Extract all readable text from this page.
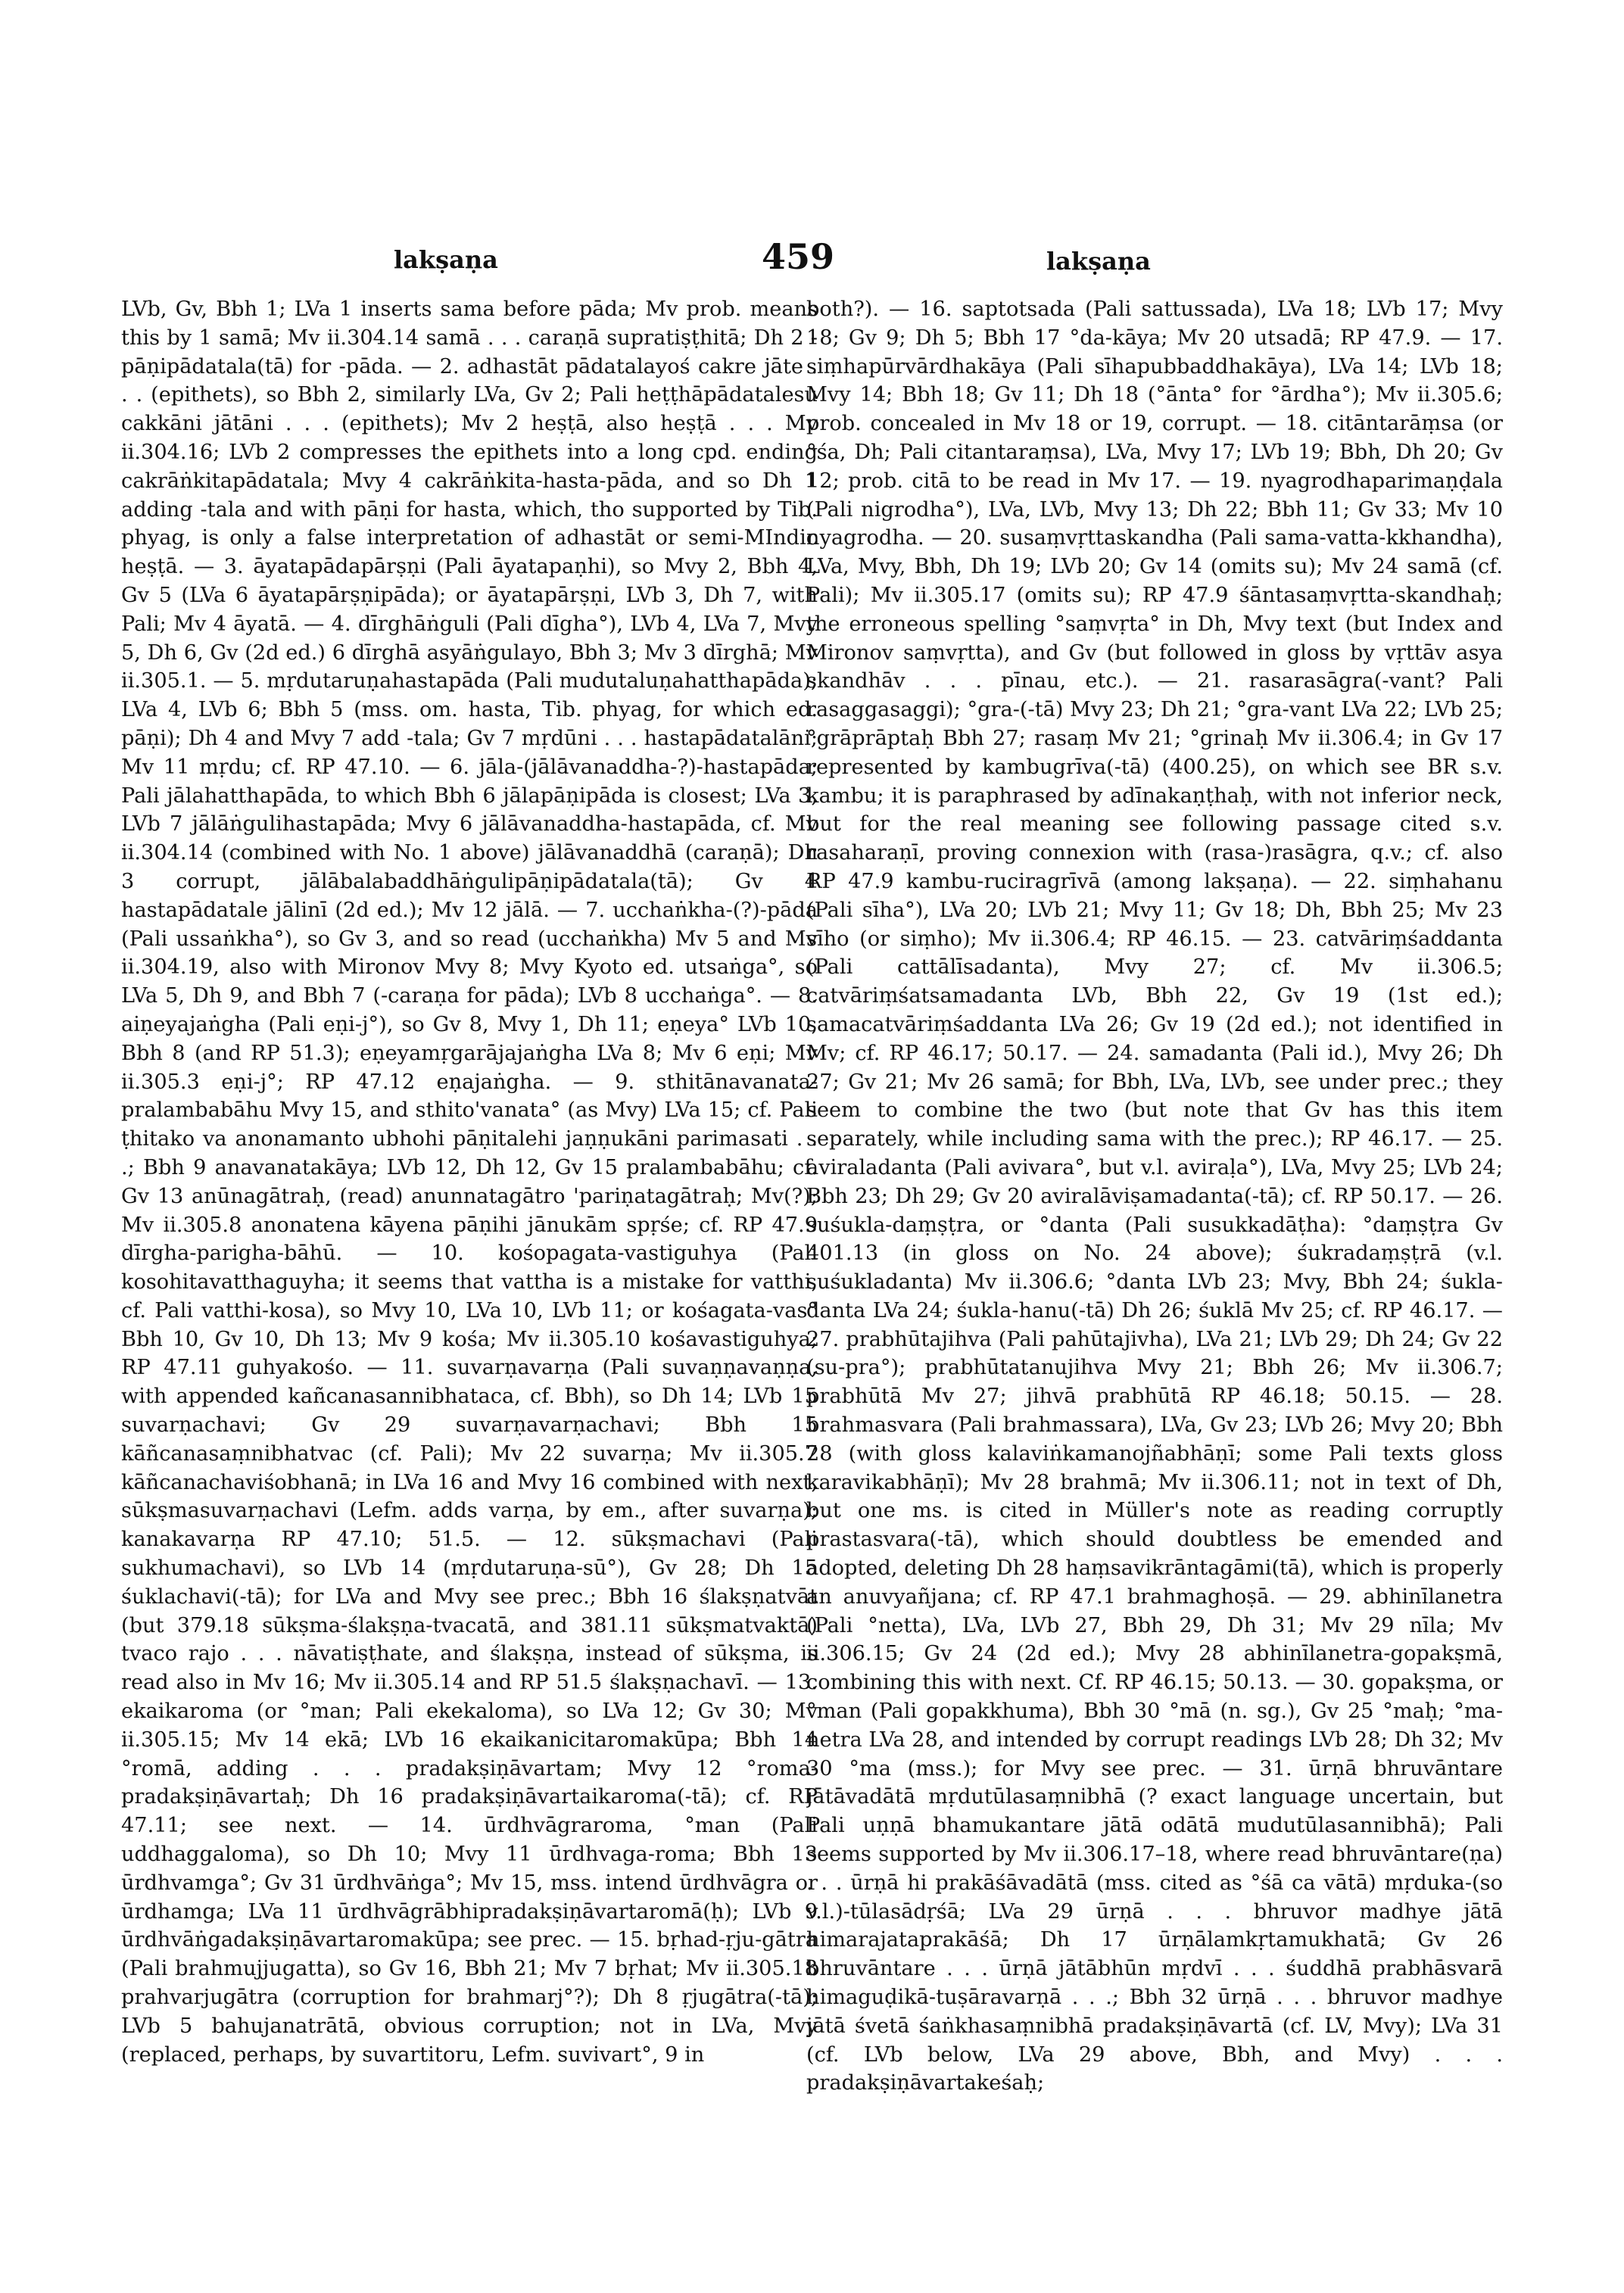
lakṣaṇa	459	lakṣaṇa

LVb, Gv, Bbh 1; LVa 1 inserts sama before pāda; Mv prob. means this by 1 samā; Mv ii.304.14 samā . . . caraṇā supratiṣṭhitā; Dh 2 -pāṇipādatala(tā) for -pāda. — 2. adhastāt pādatalayoś cakre jāte . . . (epithets), so Bbh 2, similarly LVa, Gv 2; Pali heṭṭhāpādatalesu cakkāni jātāni . . . (epithets); Mv 2 heṣṭā, also heṣṭā . . . Mv ii.304.16; LVb 2 compresses the epithets into a long cpd. ending cakrāṅkitapādatala; Mvy 4 cakrāṅkita-hasta-pāda, and so Dh 1 adding -tala and with pāṇi for hasta, which, tho supported by Tib. phyag, is only a false interpretation of adhastāt or semi-MIndic heṣṭā. — 3. āyatapādapārṣṇi (Pali āyatapaṇhi), so Mvy 2, Bbh 4, Gv 5 (LVa 6 āyatapārṣṇipāda); or āyatapārṣṇi, LVb 3, Dh 7, with Pali; Mv 4 āyatā. — 4. dīrghāṅguli (Pali dīgha°), LVb 4, LVa 7, Mvy 5, Dh 6, Gv (2d ed.) 6 dīrghā asyāṅgulayo, Bbh 3; Mv 3 dīrghā; Mv ii.305.1. — 5. mṛdutaruṇahastapāda (Pali mudutaluṇahatthapāda); LVa 4, LVb 6; Bbh 5 (mss. om. hasta, Tib. phyag, for which ed. pāṇi); Dh 4 and Mvy 7 add -tala; Gv 7 mṛdūni . . . hastapādatalāni; Mv 11 mṛdu; cf. RP 47.10. — 6. jāla-(jālāvanaddha-?)-hastapāda; Pali jālahatthapāda, to which Bbh 6 jālapāṇipāda is closest; LVa 3, LVb 7 jālāṅgulihastapāda; Mvy 6 jālāvanaddha-hastapāda, cf. Mv ii.304.14 (combined with No. 1 above) jālāvanaddhā (caraṇā); Dh 3 corrupt, jālābalabaddhāṅgulipāṇipādatala(tā); Gv 4 hastapādatale jālinī (2d ed.); Mv 12 jālā. — 7. ucchaṅkha-(?)-pāda (Pali ussaṅkha°), so Gv 3, and so read (ucchaṅkha) Mv 5 and Mv ii.304.19, also with Mironov Mvy 8; Mvy Kyoto ed. utsaṅga°, so LVa 5, Dh 9, and Bbh 7 (-caraṇa for pāda); LVb 8 ucchaṅga°. — 8. aiṇeyajaṅgha (Pali eṇi-j°), so Gv 8, Mvy 1, Dh 11; eṇeya° LVb 10, Bbh 8 (and RP 51.3); eṇeyamṛgarājajaṅgha LVa 8; Mv 6 eṇi; Mv ii.305.3 eṇi-j°; RP 47.12 eṇajaṅgha. — 9. sthitānavanata-pralambabāhu Mvy 15, and sthito'vanata° (as Mvy) LVa 15; cf. Pali ṭhitako va anonamanto ubhohi pāṇitalehi jaṇṇukāni parimasati . . .; Bbh 9 anavanatakāya; LVb 12, Dh 12, Gv 15 pralambabāhu; cf. Gv 13 anūnagātraḥ, (read) anunnatagātro 'pariṇatagātraḥ; Mv(?); Mv ii.305.8 anonatena kāyena pāṇihi jānukām spṛśe; cf. RP 47.9 dīrgha-parigha-bāhū. — 10. kośopagata-vastiguhya (Pali kosohitavatthaguyha; it seems that vattha is a mistake for vatthi, cf. Pali vatthi-kosa), so Mvy 10, LVa 10, LVb 11; or kośagata-vas° Bbh 10, Gv 10, Dh 13; Mv 9 kośa; Mv ii.305.10 kośavastiguhya; RP 47.11 guhyakośo. — 11. suvarṇavarṇa (Pali suvaṇṇavaṇṇa, with appended kañcanasannibhataca, cf. Bbh), so Dh 14; LVb 15 suvarṇachavi; Gv 29 suvarṇavarṇachavi; Bbh 15 kāñcanasaṃnibhatvac (cf. Pali); Mv 22 suvarṇa; Mv ii.305.7 kāñcanachaviśobhanā; in LVa 16 and Mvy 16 combined with next, sūkṣmasuvarṇachavi (Lefm. adds varṇa, by em., after suvarṇa); kanakavarṇa RP 47.10; 51.5. — 12. sūkṣmachavi (Pali sukhumachavi), so LVb 14 (mṛdutaruṇa-sū°), Gv 28; Dh 15 śuklachavi(-tā); for LVa and Mvy see prec.; Bbh 16 ślakṣṇatvāt (but 379.18 sūkṣma-ślakṣṇa-tvacatā, and 381.11 sūkṣmatvaktā) tvaco rajo . . . nāvatiṣṭhate, and ślakṣṇa, instead of sūkṣma, is read also in Mv 16; Mv ii.305.14 and RP 51.5 ślakṣṇachavī. — 13. ekaikaroma (or °man; Pali ekekaloma), so LVa 12; Gv 30; Mv ii.305.15; Mv 14 ekā; LVb 16 ekaikanicitaromakūpa; Bbh 14 °romā, adding . . . pradakṣiṇāvartam; Mvy 12 °roma-pradakṣiṇāvartaḥ; Dh 16 pradakṣiṇāvartaikaroma(-tā); cf. RP 47.11; see next. — 14. ūrdhvāgraroma, °man (Pali uddhaggaloma), so Dh 10; Mvy 11 ūrdhvaga-roma; Bbh 13 ūrdhvamga°; Gv 31 ūrdhvāṅga°; Mv 15, mss. intend ūrdhvāgra or ūrdhamga; LVa 11 ūrdhvāgrābhipradakṣiṇāvartaromā(ḥ); LVb 9 ūrdhvāṅgadakṣiṇāvartaromakūpa; see prec. — 15. bṛhad-ṛju-gātra (Pali brahmujjugatta), so Gv 16, Bbh 21; Mv 7 bṛhat; Mv ii.305.18 prahvarjugātra (corruption for brahmarj°?); Dh 8 ṛjugātra(-tā); LVb 5 bahujanatrātā, obvious corruption; not in LVa, Mvy (replaced, perhaps, by suvartitoru, Lefm. suvivart°, 9 in

both?). — 16. saptotsada (Pali sattussada), LVa 18; LVb 17; Mvy 18; Gv 9; Dh 5; Bbh 17 °da-kāya; Mv 20 utsadā; RP 47.9. — 17. siṃhapūrvārdhakāya (Pali sīhapubbaddhakāya), LVa 14; LVb 18; Mvy 14; Bbh 18; Gv 11; Dh 18 (°ānta° for °ārdha°); Mv ii.305.6; prob. concealed in Mv 18 or 19, corrupt. — 18. citāntarāṃsa (or °śa, Dh; Pali citantaraṃsa), LVa, Mvy 17; LVb 19; Bbh, Dh 20; Gv 12; prob. citā to be read in Mv 17. — 19. nyagrodhaparimaṇḍala (Pali nigrodha°), LVa, LVb, Mvy 13; Dh 22; Bbh 11; Gv 33; Mv 10 nyagrodha. — 20. susaṃvṛttaskandha (Pali sama-vatta-kkhandha), LVa, Mvy, Bbh, Dh 19; LVb 20; Gv 14 (omits su); Mv 24 samā (cf. Pali); Mv ii.305.17 (omits su); RP 47.9 śāntasaṃvṛtta-skandhaḥ; the erroneous spelling °saṃvṛta° in Dh, Mvy text (but Index and Mironov saṃvṛtta), and Gv (but followed in gloss by vṛttāv asya skandhāv . . . pīnau, etc.). — 21. rasarasāgra(-vant? Pali rasaggasaggi); °gra-(-tā) Mvy 23; Dh 21; °gra-vant LVa 22; LVb 25; °grāprāptaḥ Bbh 27; rasaṃ Mv 21; °grinaḥ Mv ii.306.4; in Gv 17 represented by kambugrīva(-tā) (400.25), on which see BR s.v. kambu; it is paraphrased by adīnakaṇṭhaḥ, with not inferior neck, but for the real meaning see following passage cited s.v. rasaharaṇī, proving connexion with (rasa-)rasāgra, q.v.; cf. also RP 47.9 kambu-ruciragrīvā (among lakṣaṇa). — 22. siṃhahanu (Pali sīha°), LVa 20; LVb 21; Mvy 11; Gv 18; Dh, Bbh 25; Mv 23 sīho (or siṃho); Mv ii.306.4; RP 46.15. — 23. catvāriṃśaddanta (Pali cattālīsadanta), Mvy 27; cf. Mv ii.306.5; catvāriṃśatsamadanta LVb, Bbh 22, Gv 19 (1st ed.); samacatvāriṃśaddanta LVa 26; Gv 19 (2d ed.); not identified in Mv; cf. RP 46.17; 50.17. — 24. samadanta (Pali id.), Mvy 26; Dh 27; Gv 21; Mv 26 samā; for Bbh, LVa, LVb, see under prec.; they seem to combine the two (but note that Gv has this item separately, while including sama with the prec.); RP 46.17. — 25. aviraladanta (Pali avivara°, but v.l. aviraḷa°), LVa, Mvy 25; LVb 24; Bbh 23; Dh 29; Gv 20 aviralāviṣamadanta(-tā); cf. RP 50.17. — 26. suśukla-daṃṣṭra, or °danta (Pali susukkadāṭha): °daṃṣṭra Gv 401.13 (in gloss on No. 24 above); śukradaṃṣṭrā (v.l. suśukladanta) Mv ii.306.6; °danta LVb 23; Mvy, Bbh 24; śukla-danta LVa 24; śukla-hanu(-tā) Dh 26; śuklā Mv 25; cf. RP 46.17. — 27. prabhūtajihva (Pali pahūtajivha), LVa 21; LVb 29; Dh 24; Gv 22 (su-pra°); prabhūtatanujihva Mvy 21; Bbh 26; Mv ii.306.7; prabhūtā Mv 27; jihvā prabhūtā RP 46.18; 50.15. — 28. brahmasvara (Pali brahmassara), LVa, Gv 23; LVb 26; Mvy 20; Bbh 28 (with gloss kalaviṅkamanojñabhāṇī; some Pali texts gloss karavikabhāṇī); Mv 28 brahmā; Mv ii.306.11; not in text of Dh, but one ms. is cited in Müller's note as reading corruptly prastasvara(-tā), which should doubtless be emended and adopted, deleting Dh 28 haṃsavikrāntagāmi(tā), which is properly an anuvyañjana; cf. RP 47.1 brahmaghoṣā. — 29. abhinīlanetra (Pali °netta), LVa, LVb 27, Bbh 29, Dh 31; Mv 29 nīla; Mv ii.306.15; Gv 24 (2d ed.); Mvy 28 abhinīlanetra-gopakṣmā, combining this with next. Cf. RP 46.15; 50.13. — 30. gopakṣma, or °man (Pali gopakkhuma), Bbh 30 °mā (n. sg.), Gv 25 °maḥ; °ma-netra LVa 28, and intended by corrupt readings LVb 28; Dh 32; Mv 30 °ma (mss.); for Mvy see prec. — 31. ūrṇā bhruvāntare jātāvadātā mṛdutūlasaṃnibhā (? exact language uncertain, but Pali uṇṇā bhamukantare jātā odātā mudutūlasannibhā); Pali seems supported by Mv ii.306.17–18, where read bhruvāntare(ṇa) . . . ūrṇā hi prakāśāvadātā (mss. cited as °śā ca vātā) mṛduka-(so v.l.)-tūlasādṛśā; LVa 29 ūrṇā . . . bhruvor madhye jātā himarajataprakāśā; Dh 17 ūrṇālamkṛtamukhatā; Gv 26 bhruvāntare . . . ūrṇā jātābhūn mṛdvī . . . śuddhā prabhāsvarā himaguḍikā-tuṣāravarṇā . . .; Bbh 32 ūrṇā . . . bhruvor madhye jātā śvetā śaṅkhasaṃnibhā pradakṣiṇāvartā (cf. LV, Mvy); LVa 31 (cf. LVb below, LVa 29 above, Bbh, and Mvy) . . . pradakṣiṇāvartakeśaḥ;
